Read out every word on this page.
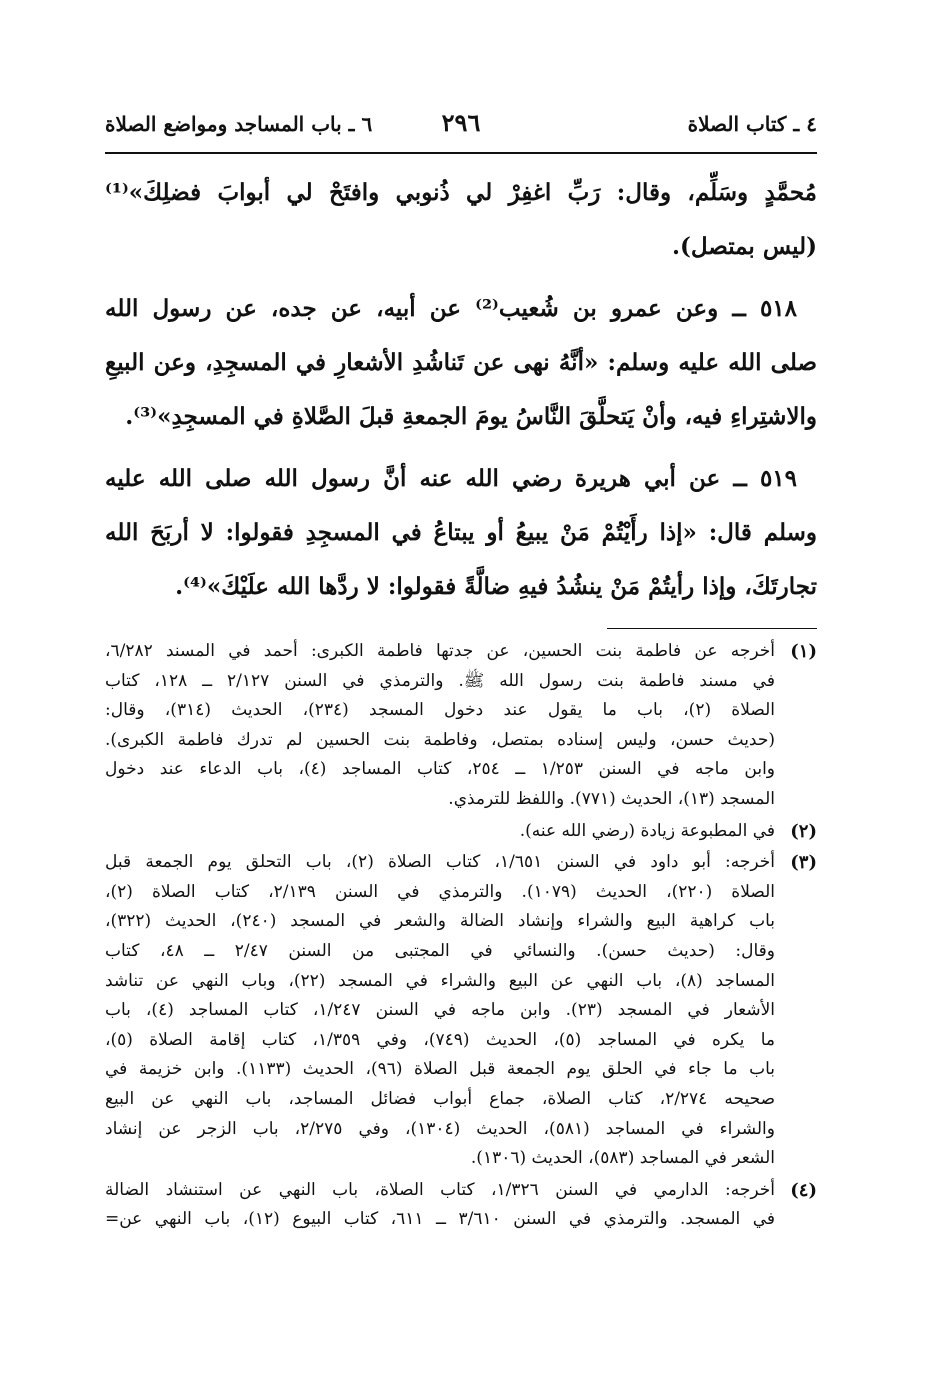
٤ ـ كتاب الصلاة
٢٩٦
٦ ـ باب المساجد ومواضع الصلاة
مُحمَّدٍ وسَلِّم، وقال: رَبِّ اغفِرْ لي ذُنوبي وافتَحْ لي أبوابَ فضلِكَ»⁽¹⁾
(ليس بمتصل).
٥١٨ ــ وعن عمرو بن شُعيب⁽²⁾ عن أبيه، عن جده، عن رسول الله
صلى الله عليه وسلم: «أنَّهُ نهى عن تَناشُدِ الأشعارِ في المسجِدِ، وعن البيعِ
والاشتِراءِ فيه، وأنْ يَتحلَّقَ النَّاسُ يومَ الجمعةِ قبلَ الصَّلاةِ في المسجِدِ»⁽³⁾.
٥١٩ ــ عن أبي هريرة رضي الله عنه أنَّ رسول الله صلى الله عليه
وسلم قال: «إذا رأَيْتُمْ مَنْ يبيعُ أو يبتاعُ في المسجِدِ فقولوا: لا أربَحَ الله
تجارتَكَ، وإذا رأيتُمْ مَنْ ينشُدُ فيهِ ضالَّةً فقولوا: لا ردَّها الله علَيْكَ»⁽⁴⁾.
(١)
أخرجه عن فاطمة بنت الحسين، عن جدتها فاطمة الكبرى: أحمد في المسند ٦/٢٨٢،
في مسند فاطمة بنت رسول الله ﷺ. والترمذي في السنن ٢/١٢٧ ــ ١٢٨، كتاب
الصلاة (٢)، باب ما يقول عند دخول المسجد (٢٣٤)، الحديث (٣١٤)، وقال:
(حديث حسن، وليس إسناده بمتصل، وفاطمة بنت الحسين لم تدرك فاطمة الكبرى).
وابن ماجه في السنن ١/٢٥٣ ــ ٢٥٤، كتاب المساجد (٤)، باب الدعاء عند دخول
المسجد (١٣)، الحديث (٧٧١). واللفظ للترمذي.
(٢)
في المطبوعة زيادة (رضي الله عنه).
(٣)
أخرجه: أبو داود في السنن ١/٦٥١، كتاب الصلاة (٢)، باب التحلق يوم الجمعة قبل
الصلاة (٢٢٠)، الحديث (١٠٧٩). والترمذي في السنن ٢/١٣٩، كتاب الصلاة (٢)،
باب كراهية البيع والشراء وإنشاد الضالة والشعر في المسجد (٢٤٠)، الحديث (٣٢٢)،
وقال: (حديث حسن). والنسائي في المجتبى من السنن ٢/٤٧ ــ ٤٨، كتاب
المساجد (٨)، باب النهي عن البيع والشراء في المسجد (٢٢)، وباب النهي عن تناشد
الأشعار في المسجد (٢٣). وابن ماجه في السنن ١/٢٤٧، كتاب المساجد (٤)، باب
ما يكره في المساجد (٥)، الحديث (٧٤٩)، وفي ١/٣٥٩، كتاب إقامة الصلاة (٥)،
باب ما جاء في الحلق يوم الجمعة قبل الصلاة (٩٦)، الحديث (١١٣٣). وابن خزيمة في
صحيحه ٢/٢٧٤، كتاب الصلاة، جماع أبواب فضائل المساجد، باب النهي عن البيع
والشراء في المساجد (٥٨١)، الحديث (١٣٠٤)، وفي ٢/٢٧٥، باب الزجر عن إنشاد
الشعر في المساجد (٥٨٣)، الحديث (١٣٠٦).
(٤)
أخرجه: الدارمي في السنن ١/٣٢٦، كتاب الصلاة، باب النهي عن استنشاد الضالة
في المسجد. والترمذي في السنن ٣/٦١٠ ــ ٦١١، كتاب البيوع (١٢)، باب النهي عن=
